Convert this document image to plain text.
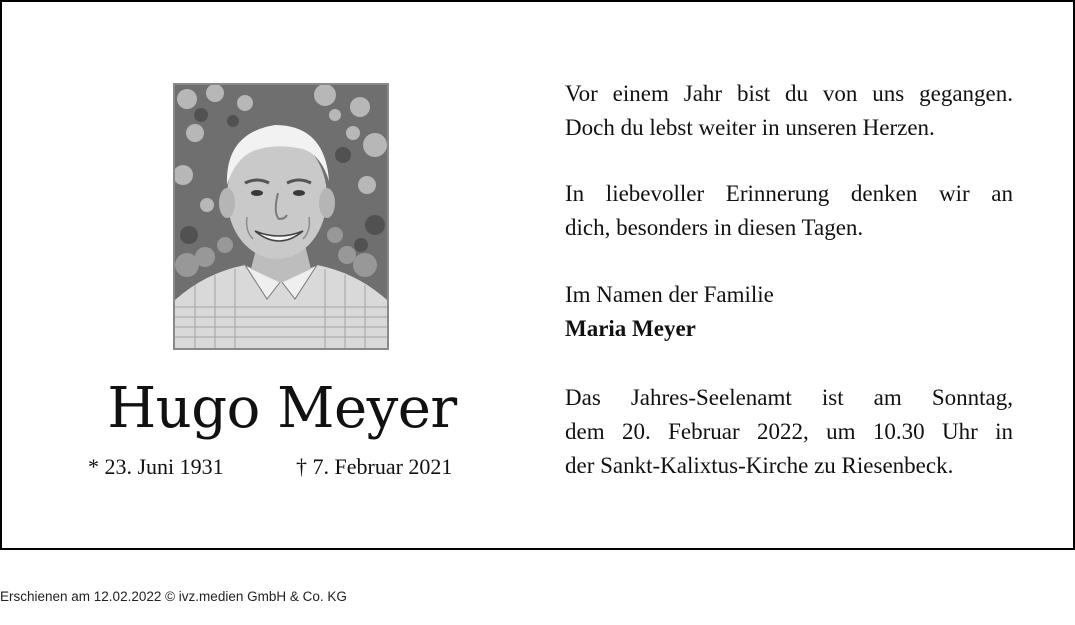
Hugo Meyer
* 23. Juni 1931	† 7. Februar 2021
Vor einem Jahr bist du von uns gegangen.
Doch du lebst weiter in unseren Herzen.
In liebevoller Erinnerung denken wir an
dich, besonders in diesen Tagen.
Im Namen der Familie
Maria Meyer
Das Jahres-Seelenamt ist am Sonntag,
dem 20. Februar 2022, um 10.30 Uhr in
der Sankt-Kalixtus-Kirche zu Riesenbeck.
Erschienen am 12.02.2022 © ivz.medien GmbH & Co. KG
